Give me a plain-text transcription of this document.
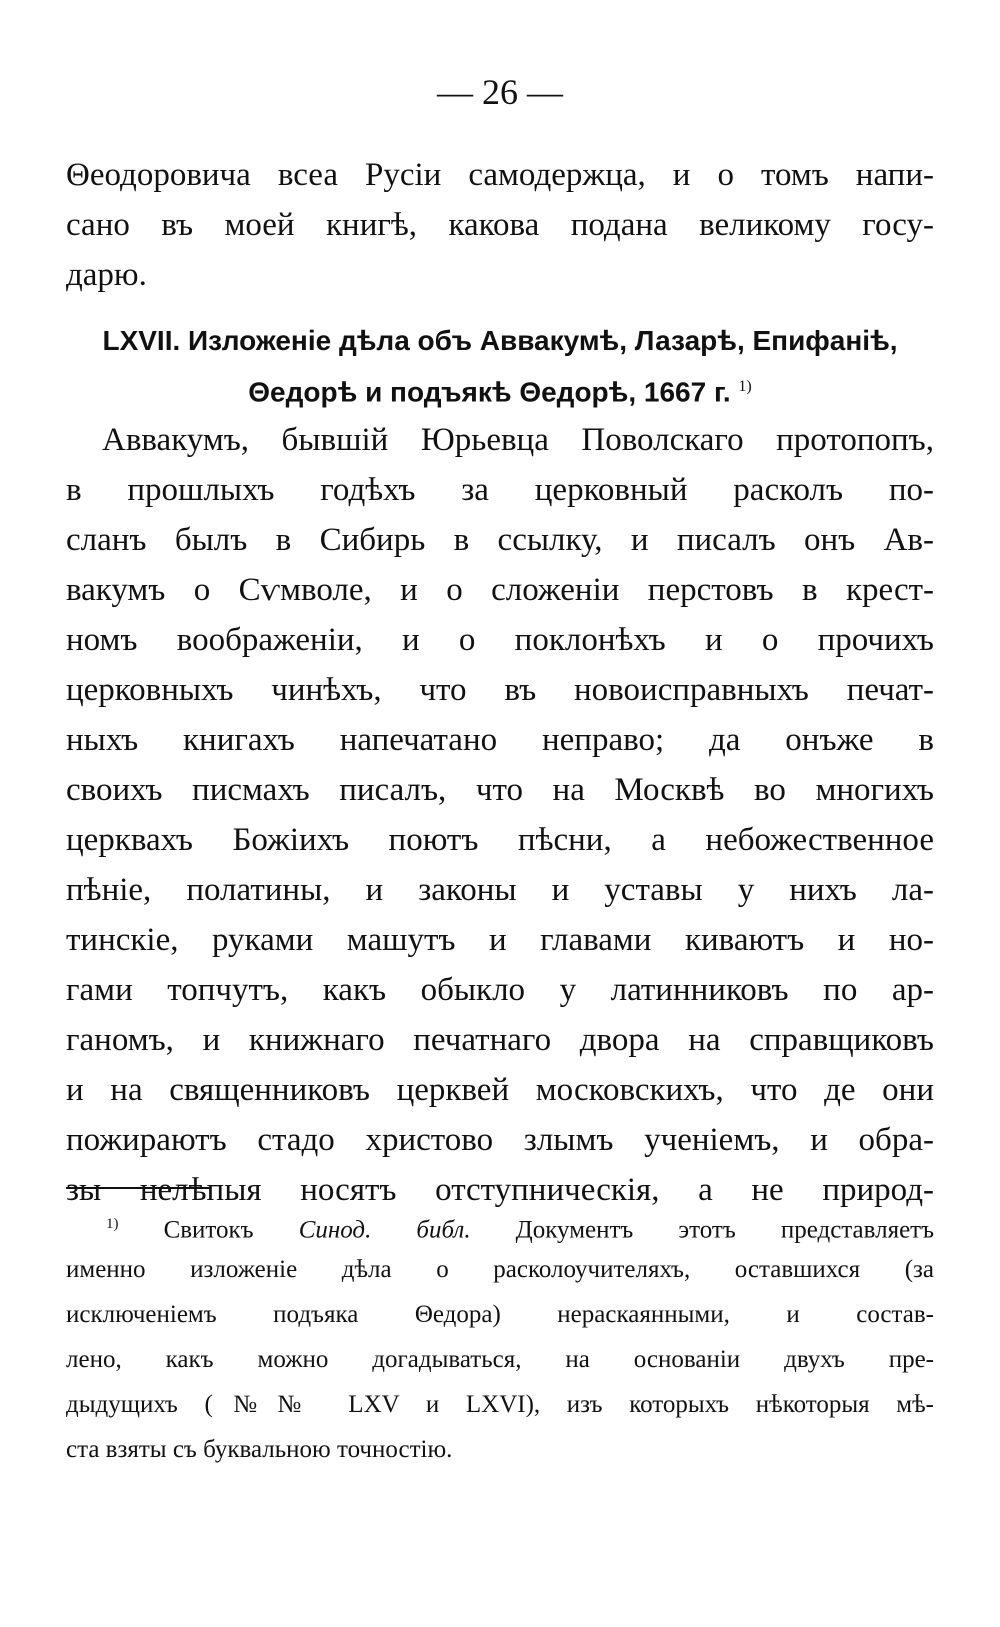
— 26 —
Θеодоровича всеа Русіи самодержца, и о томъ напи-
сано въ моей книгѣ, какова подана великому госу-
дарю.
LXVII. Изложеніе дѣла объ Аввакумѣ, Лазарѣ, Епифаніѣ,
Θедорѣ и подъякѣ Θедорѣ, 1667 г. $^{1)}$
Аввакумъ, бывшій Юрьевца Поволскаго протопопъ,
в прошлыхъ годѣхъ за церковный расколъ по-
сланъ былъ в Сибирь в ссылку, и писалъ онъ Ав-
вакумъ о Сѵмволе, и о сложеніи перстовъ в крест-
номъ воображеніи, и о поклонѣхъ и о прочихъ
церковныхъ чинѣхъ, что въ новоисправныхъ печат-
ныхъ книгахъ напечатано неправо; да онъже в
своихъ писмахъ писалъ, что на Москвѣ во многихъ
церквахъ Божіихъ поютъ пѣсни, а небожественное
пѣніе, полатины, и законы и уставы у нихъ ла-
тинскіе, руками машутъ и главами киваютъ и но-
гами топчутъ, какъ обыкло у латинниковъ по ар-
ганомъ, и книжнаго печатнаго двора на справщиковъ
и на священниковъ церквей московскихъ, что де они
пожираютъ стадо христово злымъ ученіемъ, и обра-
зы нелѣпыя носятъ отступническія, а не природ-
$^{1)}$ Свитокъ Синод. библ. Документъ этотъ представляетъ
именно изложеніе дѣла о расколоучителяхъ, оставшихся (за
исключеніемъ подъяка Θедора) нераскаянными, и состав-
лено, какъ можно догадываться, на основаніи двухъ пре-
дыдущихъ (№№ LXV и LXVI), изъ которыхъ нѣкоторыя мѣ-
ста взяты съ буквальною точностію.
